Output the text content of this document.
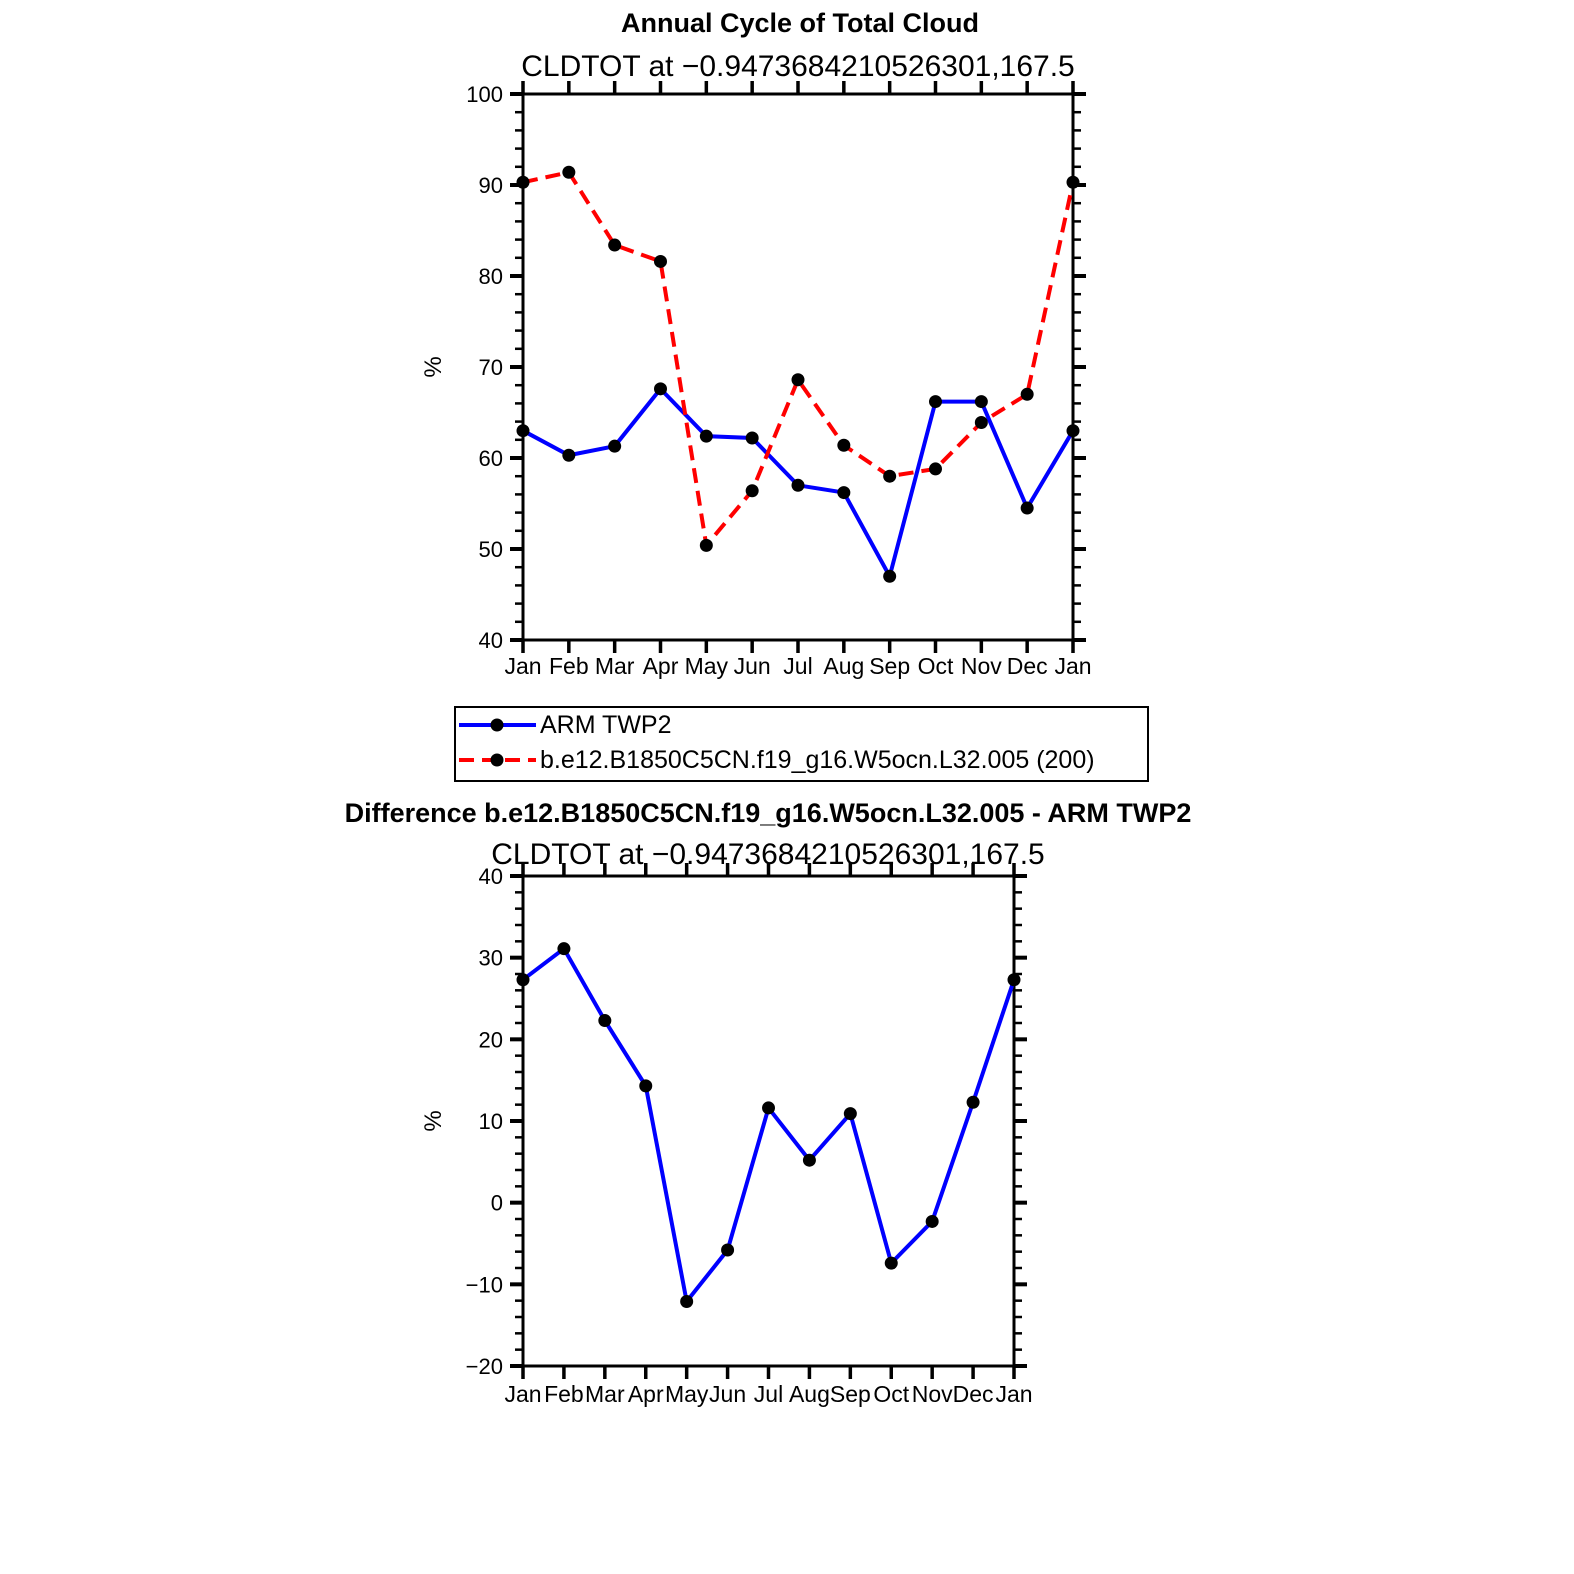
Annual Cycle of Total Cloud
CLDTOT at −0.9473684210526301,167.5
100
90
80
70
60
50
40
Jan Feb Mar Apr May Jun Jul Aug Sep Oct Nov Dec Jan
%
ARM TWP2
b.e12.B1850C5CN.f19_g16.W5ocn.L32.005 (200)
Difference b.e12.B1850C5CN.f19_g16.W5ocn.L32.005 - ARM TWP2
CLDTOT at −0.9473684210526301,167.5
40
30
20
10
0
−10
−20
Jan Feb Mar Apr May Jun Jul Aug Sep Oct Nov Dec Jan
%
